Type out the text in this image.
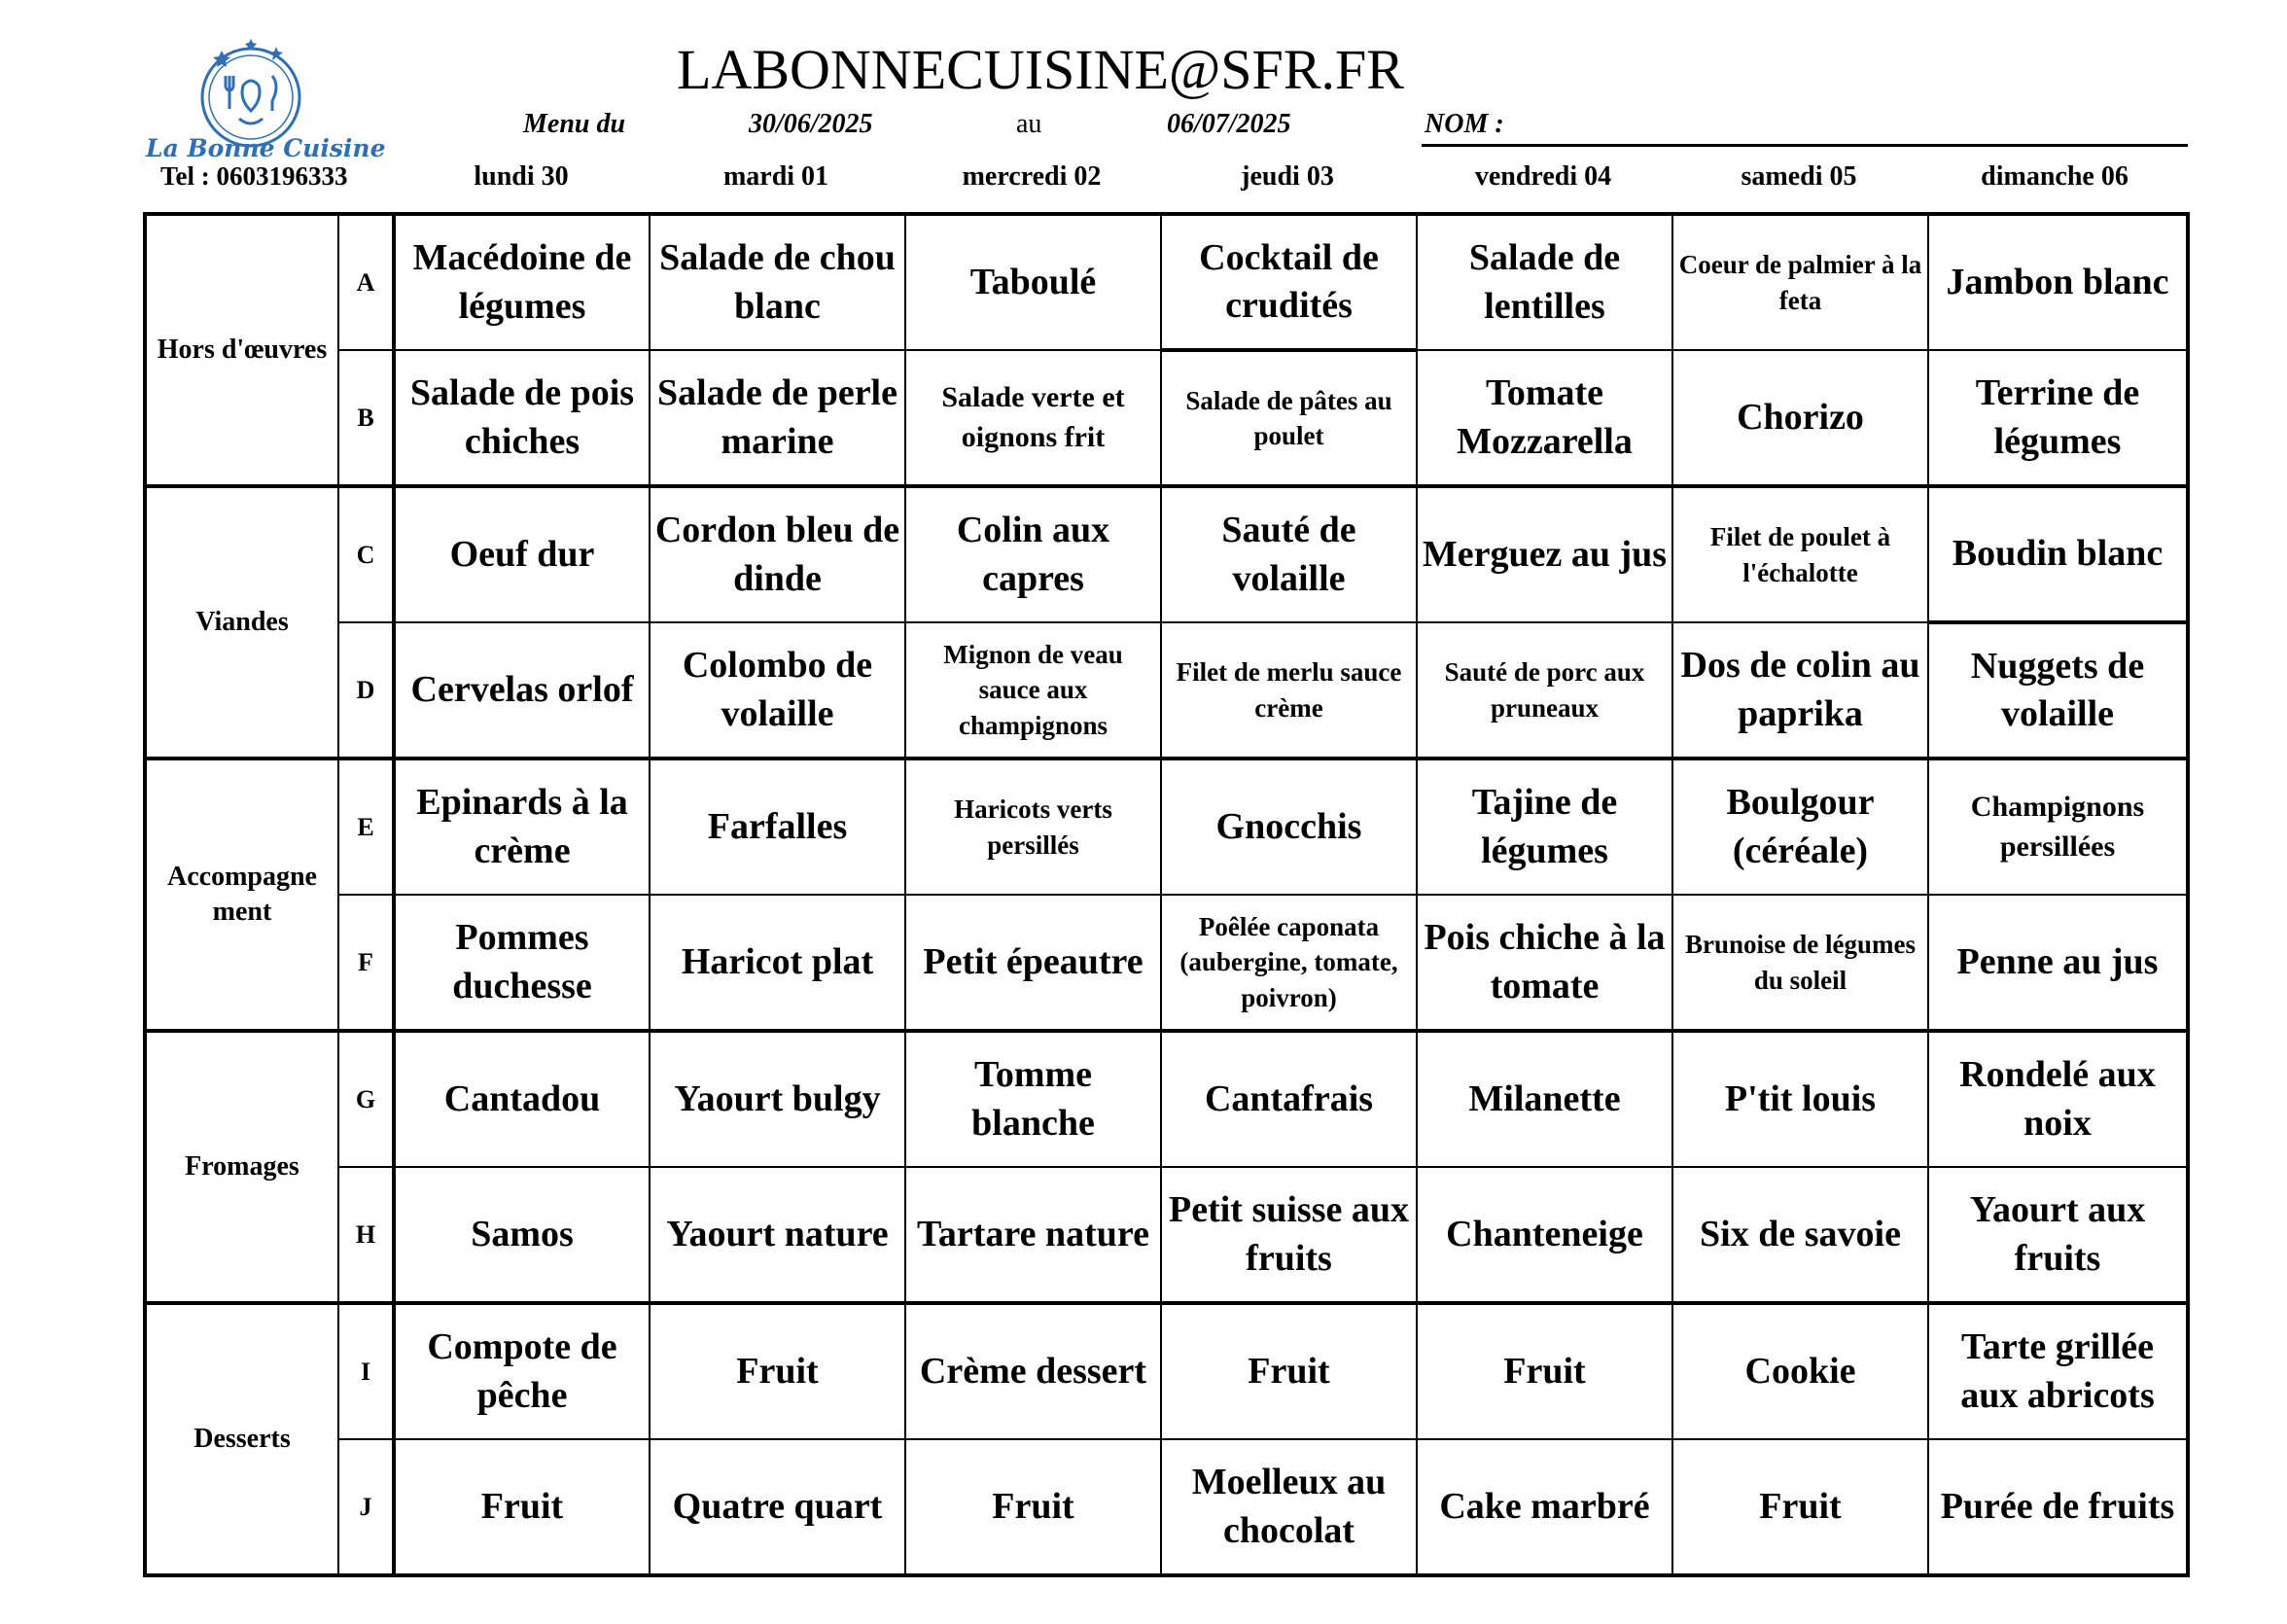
La Bonne Cuisine
Tel : 0603196333
LABONNECUISINE@SFR.FR
Menu du	30/06/2025	au	06/07/2025	NOM :
lundi 30	mardi 01	mercredi 02	jeudi 03	vendredi 04	samedi 05	dimanche 06
Hors d'œuvres	A	Macédoine de légumes	Salade de chou blanc	Taboulé	Cocktail de crudités	Salade de lentilles	Coeur de palmier à la feta	Jambon blanc
	B	Salade de pois chiches	Salade de perle marine	Salade verte et oignons frit	Salade de pâtes au poulet	Tomate Mozzarella	Chorizo	Terrine de légumes
Viandes	C	Oeuf dur	Cordon bleu de dinde	Colin aux capres	Sauté de volaille	Merguez au jus	Filet de poulet à l'échalotte	Boudin blanc
	D	Cervelas orlof	Colombo de volaille	Mignon de veau sauce aux champignons	Filet de merlu sauce crème	Sauté de porc aux pruneaux	Dos de colin au paprika	Nuggets de volaille
Accompagne ment	E	Epinards à la crème	Farfalles	Haricots verts persillés	Gnocchis	Tajine de légumes	Boulgour (céréale)	Champignons persillées
	F	Pommes duchesse	Haricot plat	Petit épeautre	Poêlée caponata (aubergine, tomate, poivron)	Pois chiche à la tomate	Brunoise de légumes du soleil	Penne au jus
Fromages	G	Cantadou	Yaourt bulgy	Tomme blanche	Cantafrais	Milanette	P'tit louis	Rondelé aux noix
	H	Samos	Yaourt nature	Tartare nature	Petit suisse aux fruits	Chanteneige	Six de savoie	Yaourt aux fruits
Desserts	I	Compote de pêche	Fruit	Crème dessert	Fruit	Fruit	Cookie	Tarte grillée aux abricots
	J	Fruit	Quatre quart	Fruit	Moelleux au chocolat	Cake marbré	Fruit	Purée de fruits
